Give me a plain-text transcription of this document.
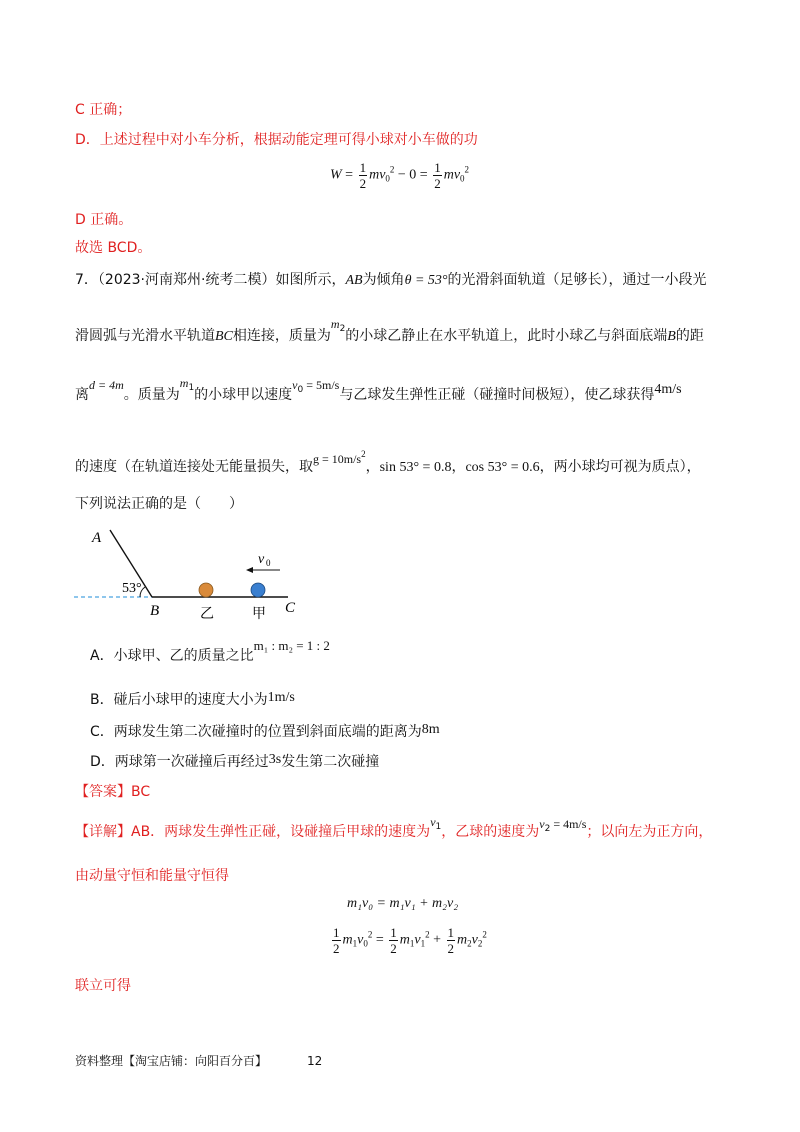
C 正确；
D．上述过程中对小车分析，根据动能定理可得小球对小车做的功
$W = \frac{1}{2} mv_0^2 - 0 = \frac{1}{2} mv_0^2$
D 正确。
故选 BCD。
7．（2023·河南郑州·统考二模）如图所示，AB为倾角θ = 53°的光滑斜面轨道（足够长），通过一小段光
滑圆弧与光滑水平轨道BC相连接，质量为$m_2$的小球乙静止在水平轨道上，此时小球乙与斜面底端B的距
离d = 4m。质量为$m_1$的小球甲以速度$v_0 = 5m/s$与乙球发生弹性正碰（碰撞时间极短），使乙球获得4m/s
的速度（在轨道连接处无能量损失，取$g = 10m/s^2$，sin 53° = 0.8，cos 53° = 0.6，两小球均可视为质点），
下列说法正确的是（　　）
A
53°
B	乙	甲 C
v 0
A．小球甲、乙的质量之比m₁ : m₂ = 1 : 2
B．碰后小球甲的速度大小为1m/s
C．两球发生第二次碰撞时的位置到斜面底端的距离为8m
D．两球第一次碰撞后再经过3s发生第二次碰撞
【答案】BC
【详解】AB．两球发生弹性正碰，设碰撞后甲球的速度为$v_1$，乙球的速度为$v_2 = 4m/s$；以向左为正方向，
由动量守恒和能量守恒得
m₁v₀ = m₁v₁ + m₂v₂
$\frac{1}{2} m_1v_0^2 = \frac{1}{2} m_1v_1^2 + \frac{1}{2} m_2v_2^2$
联立可得
资料整理【淘宝店铺：向阳百分百】	12
